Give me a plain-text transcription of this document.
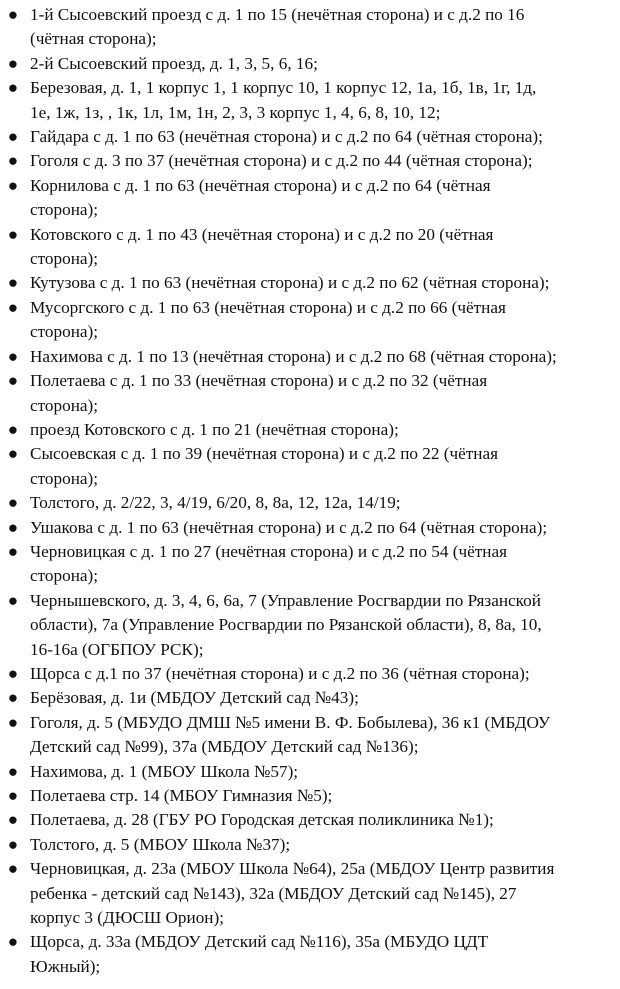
● 1-й Сысоевский проезд с д. 1 по 15 (нечётная сторона) и с д.2 по 16
(чётная сторона);
● 2-й Сысоевский проезд, д. 1, 3, 5, 6, 16;
● Березовая, д. 1, 1 корпус 1, 1 корпус 10, 1 корпус 12, 1а, 1б, 1в, 1г, 1д,
1е, 1ж, 1з, , 1к, 1л, 1м, 1н, 2, 3, 3 корпус 1, 4, 6, 8, 10, 12;
● Гайдара с д. 1 по 63 (нечётная сторона) и с д.2 по 64 (чётная сторона);
● Гоголя с д. 3 по 37 (нечётная сторона) и с д.2 по 44 (чётная сторона);
● Корнилова с д. 1 по 63 (нечётная сторона) и с д.2 по 64 (чётная
сторона);
● Котовского с д. 1 по 43 (нечётная сторона) и с д.2 по 20 (чётная
сторона);
● Кутузова с д. 1 по 63 (нечётная сторона) и с д.2 по 62 (чётная сторона);
● Мусоргского с д. 1 по 63 (нечётная сторона) и с д.2 по 66 (чётная
сторона);
● Нахимова с д. 1 по 13 (нечётная сторона) и с д.2 по 68 (чётная сторона);
● Полетаева с д. 1 по 33 (нечётная сторона) и с д.2 по 32 (чётная
сторона);
● проезд Котовского с д. 1 по 21 (нечётная сторона);
● Сысоевская с д. 1 по 39 (нечётная сторона) и с д.2 по 22 (чётная
сторона);
● Толстого, д. 2/22, 3, 4/19, 6/20, 8, 8а, 12, 12а, 14/19;
● Ушакова с д. 1 по 63 (нечётная сторона) и с д.2 по 64 (чётная сторона);
● Черновицкая с д. 1 по 27 (нечётная сторона) и с д.2 по 54 (чётная
сторона);
● Чернышевского, д. 3, 4, 6, 6а, 7 (Управление Росгвардии по Рязанской
области), 7а (Управление Росгвардии по Рязанской области), 8, 8а, 10,
16-16а (ОГБПОУ РСК);
● Щорса с д.1 по 37 (нечётная сторона) и с д.2 по 36 (чётная сторона);
● Берёзовая, д. 1и (МБДОУ Детский сад №43);
● Гоголя, д. 5 (МБУДО ДМШ №5 имени В. Ф. Бобылева), 36 к1 (МБДОУ
Детский сад №99), 37а (МБДОУ Детский сад №136);
● Нахимова, д. 1 (МБОУ Школа №57);
● Полетаева стр. 14 (МБОУ Гимназия №5);
● Полетаева, д. 28 (ГБУ РО Городская детская поликлиника №1);
● Толстого, д. 5 (МБОУ Школа №37);
● Черновицкая, д. 23а (МБОУ Школа №64), 25а (МБДОУ Центр развития
ребенка - детский сад №143), 32а (МБДОУ Детский сад №145), 27
корпус 3 (ДЮСШ Орион);
● Щорса, д. 33а (МБДОУ Детский сад №116), 35а (МБУДО ЦДТ
Южный);
